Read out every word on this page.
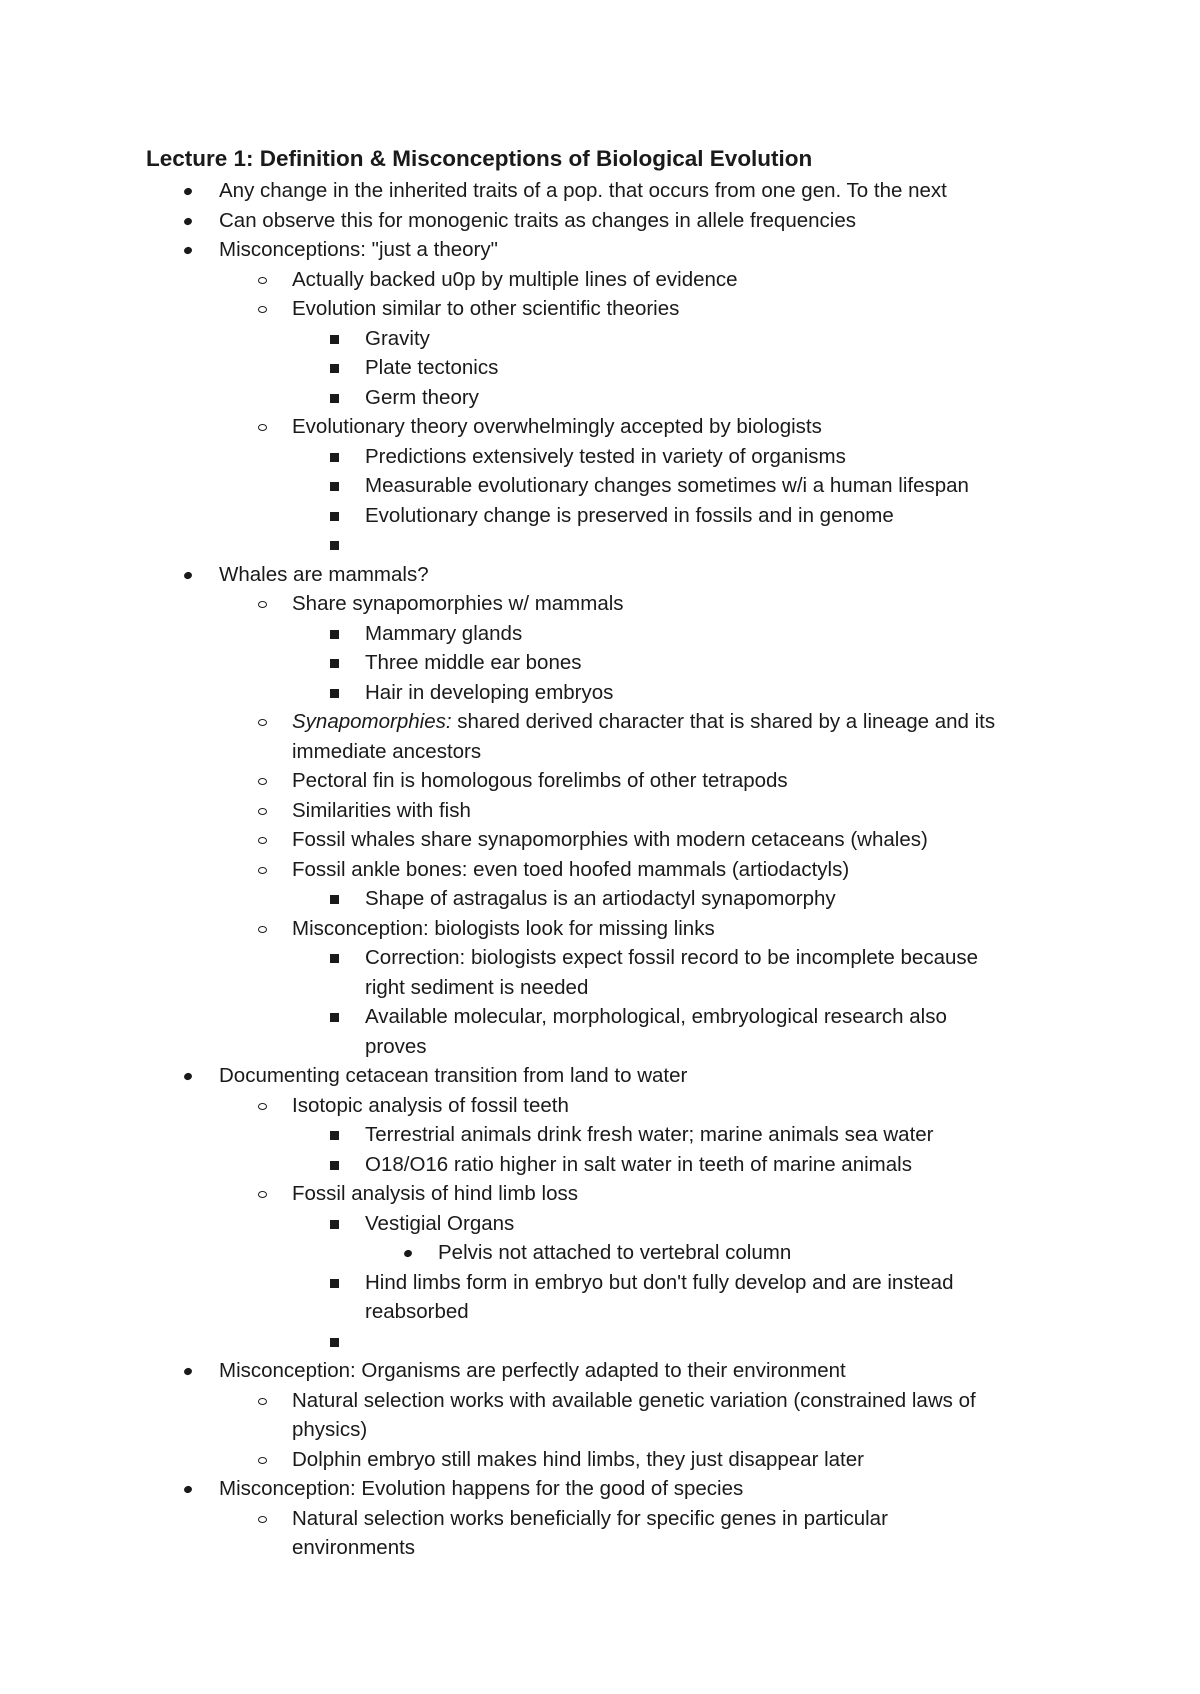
Lecture 1: Definition & Misconceptions of Biological Evolution
Any change in the inherited traits of a pop. that occurs from one gen. To the next
Can observe this for monogenic traits as changes in allele frequencies
Misconceptions: "just a theory"
Actually backed u0p by multiple lines of evidence
Evolution similar to other scientific theories
Gravity
Plate tectonics
Germ theory
Evolutionary theory overwhelmingly accepted by biologists
Predictions extensively tested in variety of organisms
Measurable evolutionary changes sometimes w/i a human lifespan
Evolutionary change is preserved in fossils and in genome
Whales are mammals?
Share synapomorphies w/ mammals
Mammary glands
Three middle ear bones
Hair in developing embryos
Synapomorphies: shared derived character that is shared by a lineage and its
immediate ancestors
Pectoral fin is homologous forelimbs of other tetrapods
Similarities with fish
Fossil whales share synapomorphies with modern cetaceans (whales)
Fossil ankle bones: even toed hoofed mammals (artiodactyls)
Shape of astragalus is an artiodactyl synapomorphy
Misconception: biologists look for missing links
Correction: biologists expect fossil record to be incomplete because
right sediment is needed
Available molecular, morphological, embryological research also
proves
Documenting cetacean transition from land to water
Isotopic analysis of fossil teeth
Terrestrial animals drink fresh water; marine animals sea water
O18/O16 ratio higher in salt water in teeth of marine animals
Fossil analysis of hind limb loss
Vestigial Organs
Pelvis not attached to vertebral column
Hind limbs form in embryo but don't fully develop and are instead
reabsorbed
Misconception: Organisms are perfectly adapted to their environment
Natural selection works with available genetic variation (constrained laws of
physics)
Dolphin embryo still makes hind limbs, they just disappear later
Misconception: Evolution happens for the good of species
Natural selection works beneficially for specific genes in particular
environments
